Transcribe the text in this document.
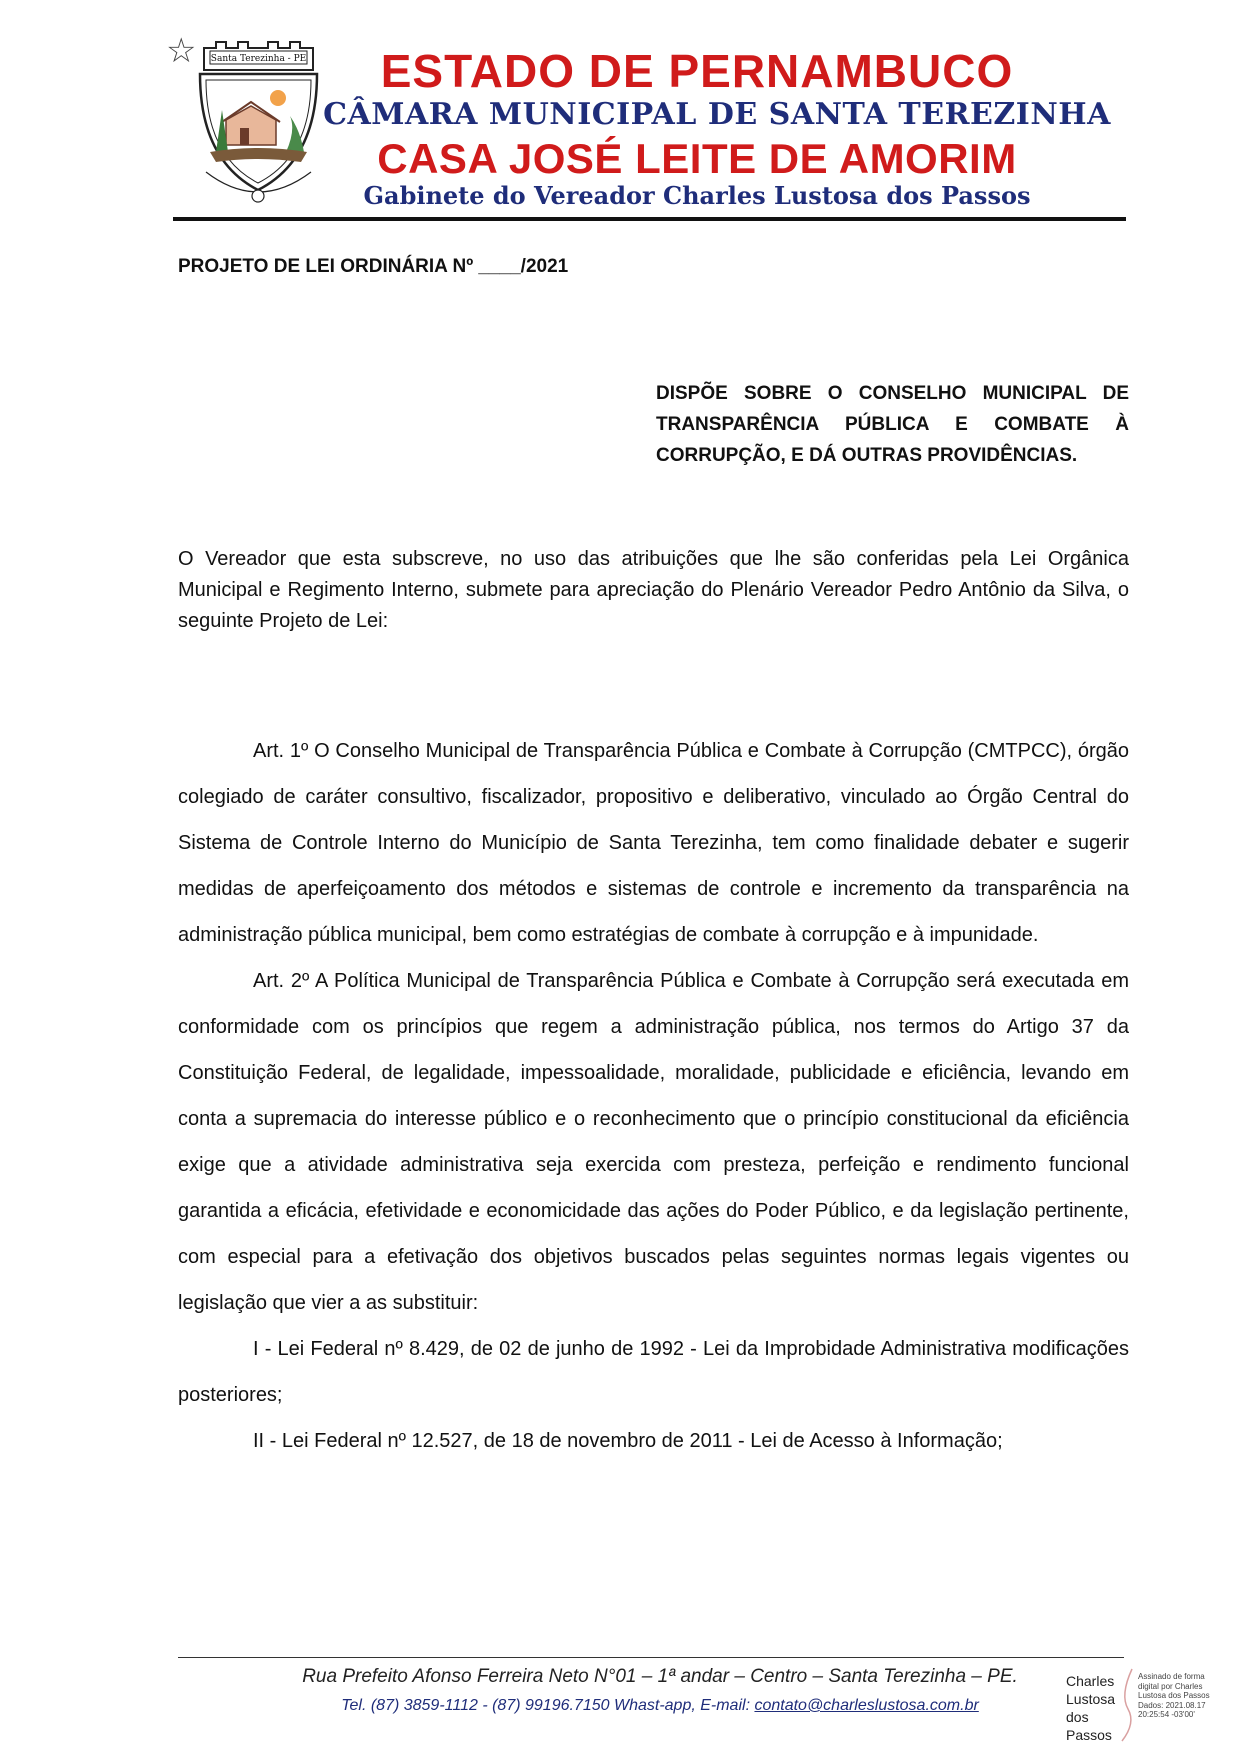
☆ Santa Terezinha - PE	ESTADO DE PERNAMBUCO
CÂMARA MUNICIPAL DE SANTA TEREZINHA
CASA JOSÉ LEITE DE AMORIM
Gabinete do Vereador Charles Lustosa dos Passos
PROJETO DE LEI ORDINÁRIA Nº ____/2021
DISPÕE SOBRE O CONSELHO MUNICIPAL DE TRANSPARÊNCIA PÚBLICA E COMBATE À CORRUPÇÃO, E DÁ OUTRAS PROVIDÊNCIAS.
O Vereador que esta subscreve, no uso das atribuições que lhe são conferidas pela Lei Orgânica Municipal e Regimento Interno, submete para apreciação do Plenário Vereador Pedro Antônio da Silva, o seguinte Projeto de Lei:

Art. 1º O Conselho Municipal de Transparência Pública e Combate à Corrupção (CMTPCC), órgão colegiado de caráter consultivo, fiscalizador, propositivo e deliberativo, vinculado ao Órgão Central do Sistema de Controle Interno do Município de Santa Terezinha, tem como finalidade debater e sugerir medidas de aperfeiçoamento dos métodos e sistemas de controle e incremento da transparência na administração pública municipal, bem como estratégias de combate à corrupção e à impunidade.

Art. 2º A Política Municipal de Transparência Pública e Combate à Corrupção será executada em conformidade com os princípios que regem a administração pública, nos termos do Artigo 37 da Constituição Federal, de legalidade, impessoalidade, moralidade, publicidade e eficiência, levando em conta a supremacia do interesse público e o reconhecimento que o princípio constitucional da eficiência exige que a atividade administrativa seja exercida com presteza, perfeição e rendimento funcional garantida a eficácia, efetividade e economicidade das ações do Poder Público, e da legislação pertinente, com especial para a efetivação dos objetivos buscados pelas seguintes normas legais vigentes ou legislação que vier a as substituir:

I - Lei Federal nº 8.429, de 02 de junho de 1992 - Lei da Improbidade Administrativa modificações posteriores;

II - Lei Federal nº 12.527, de 18 de novembro de 2011 - Lei de Acesso à Informação;

Rua Prefeito Afonso Ferreira Neto N°01 – 1ª andar – Centro – Santa Terezinha – PE.
Tel. (87) 3859-1112 - (87) 99196.7150 Whast-app, E-mail: contato@charleslustosa.com.br
Charles Lustosa dos Passos
Assinado de forma digital por Charles Lustosa dos Passos Dados: 2021.08.17 20:25:54 -03'00'
